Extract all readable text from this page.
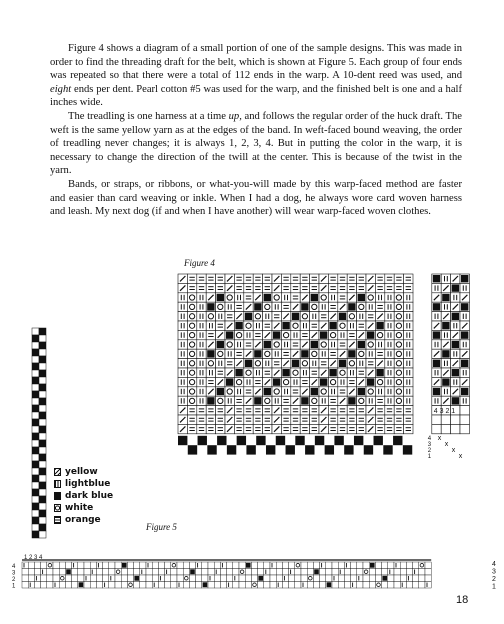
Figure 4 shows a diagram of a small portion of one of the sample designs. This was made in order to find the threading draft for the belt, which is shown at Figure 5. Each group of four ends was repeated so that there were a total of 112 ends in the warp. A 10-dent reed was used, and eight ends per dent. Pearl cotton #5 was used for the warp, and the finished belt is one and a half inches wide.

The treadling is one harness at a time up, and follows the regular order of the huck draft. The weft is the same yellow yarn as at the edges of the band. In weft-faced bound weaving, the order of treadling never changes; it is always 1, 2, 3, 4. But in putting the color in the warp, it is necessary to change the direction of the twill at the center. This is because of the twist in the yarn.

Bands, or straps, or ribbons, or what-you-will made by this warp-faced method are faster and easier than card weaving or inkle. When I had a dog, he always wore card woven harness and leash. My next dog (if and when I have another) will wear warp-faced woven clothes.

Figure 4
4 3 2 1
4 x
3 x
2	x
1	x
yellow
lightblue
dark blue
white
orange
Figure 5
1 2 3 4
4
3
2
1
4
3
2
1
18
